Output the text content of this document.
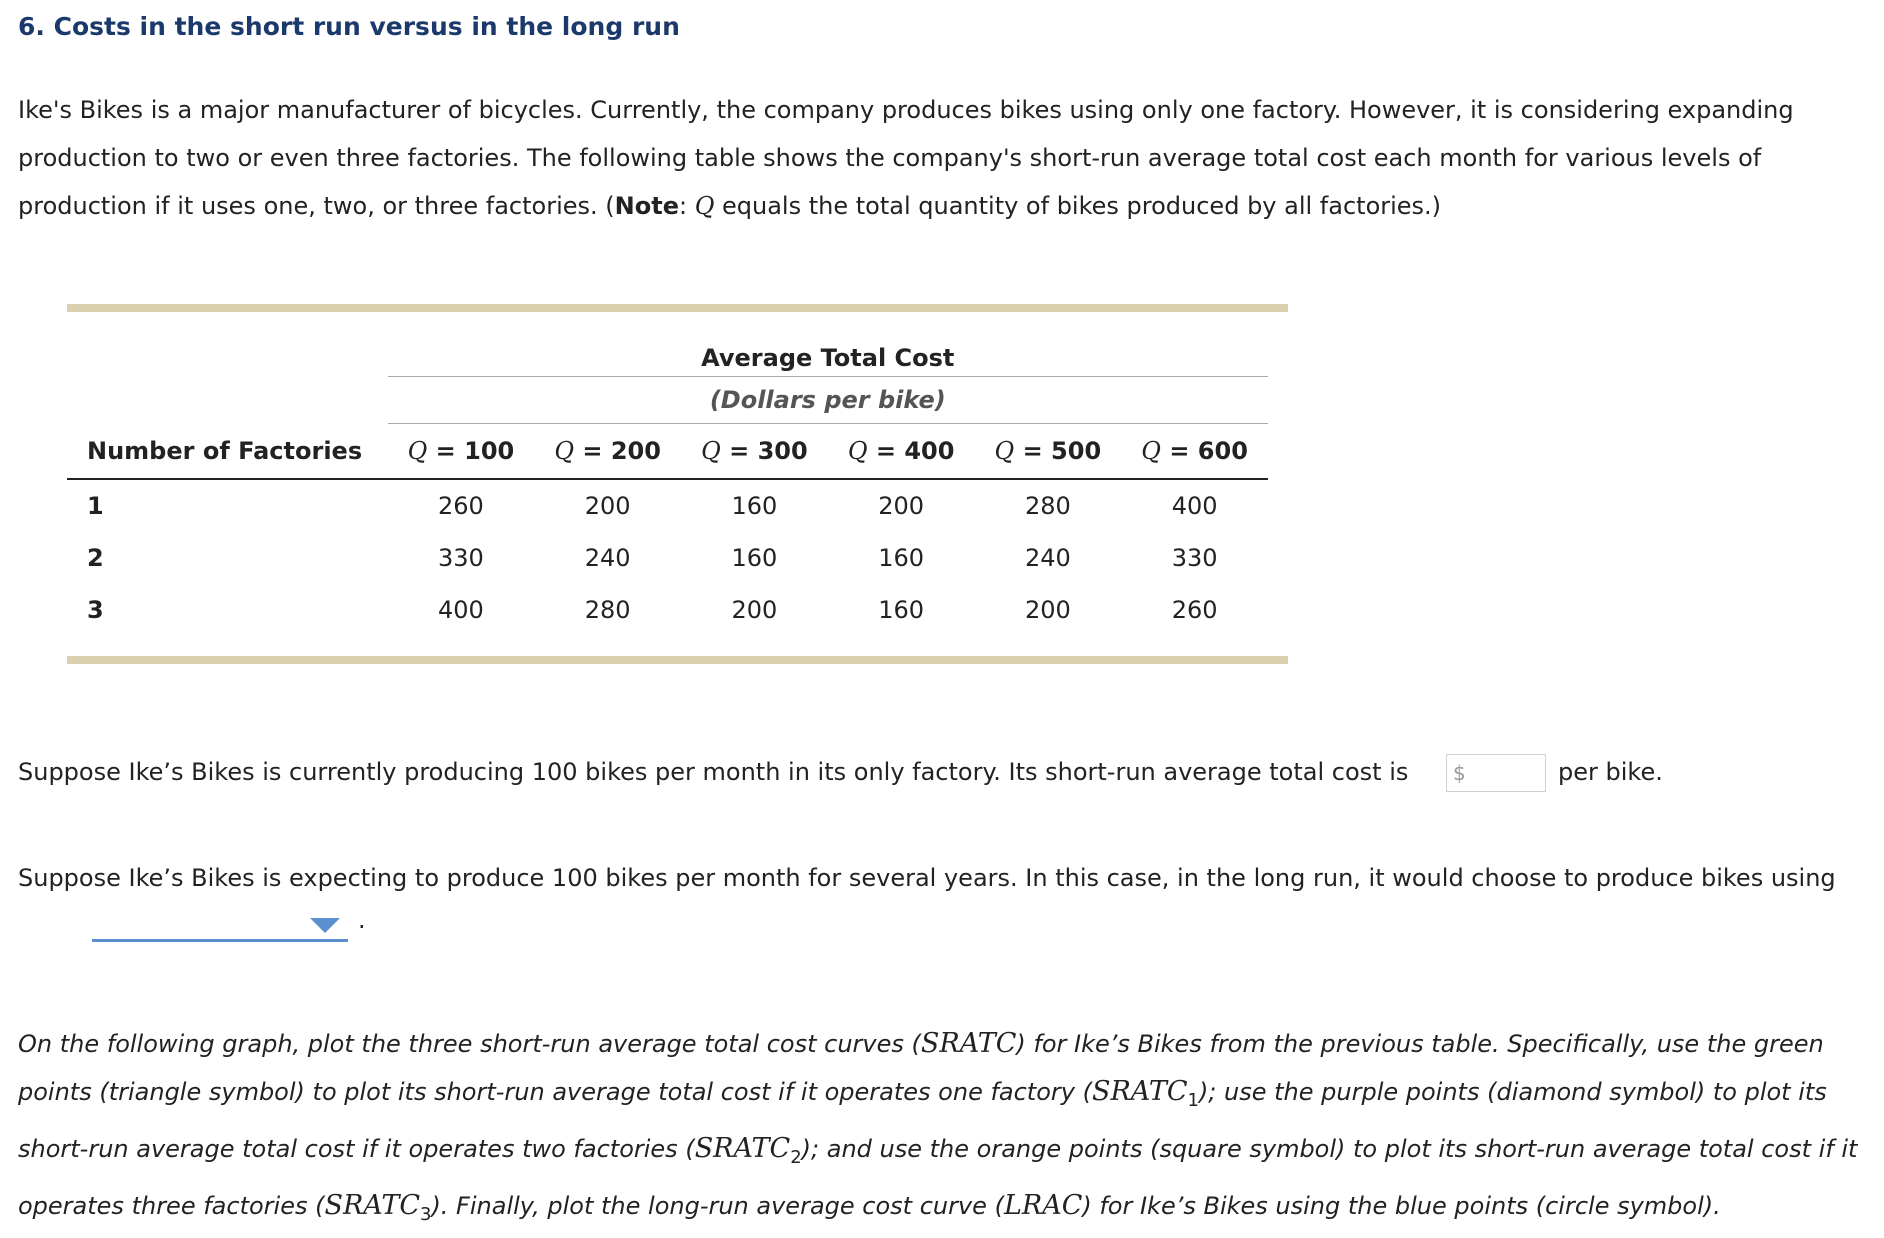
6. Costs in the short run versus in the long run
Ike's Bikes is a major manufacturer of bicycles. Currently, the company produces bikes using only one factory. However, it is considering expanding production to two or even three factories. The following table shows the company's short-run average total cost each month for various levels of production if it uses one, two, or three factories. (Note: Q equals the total quantity of bikes produced by all factories.)
	Average Total Cost					
	(Dollars per bike)					
Number of Factories	Q = 100	Q = 200	Q = 300	Q = 400	Q = 500	Q = 600
1	260	200	160	200	280	400
2	330	240	160	160	240	330
3	400	280	200	160	200	260
Suppose Ike’s Bikes is currently producing 100 bikes per month in its only factory. Its short-run average total cost is	$	per bike.
Suppose Ike’s Bikes is expecting to produce 100 bikes per month for several years. In this case, in the long run, it would choose to produce bikes using
.
On the following graph, plot the three short-run average total cost curves (SRATC) for Ike’s Bikes from the previous table. Specifically, use the green points (triangle symbol) to plot its short-run average total cost if it operates one factory $(SRATC_1)$; use the purple points (diamond symbol) to plot its short-run average total cost if it operates two factories $(SRATC_2)$; and use the orange points (square symbol) to plot its short-run average total cost if it operates three factories $(SRATC_3)$. Finally, plot the long-run average cost curve (LRAC) for Ike’s Bikes using the blue points (circle symbol).
